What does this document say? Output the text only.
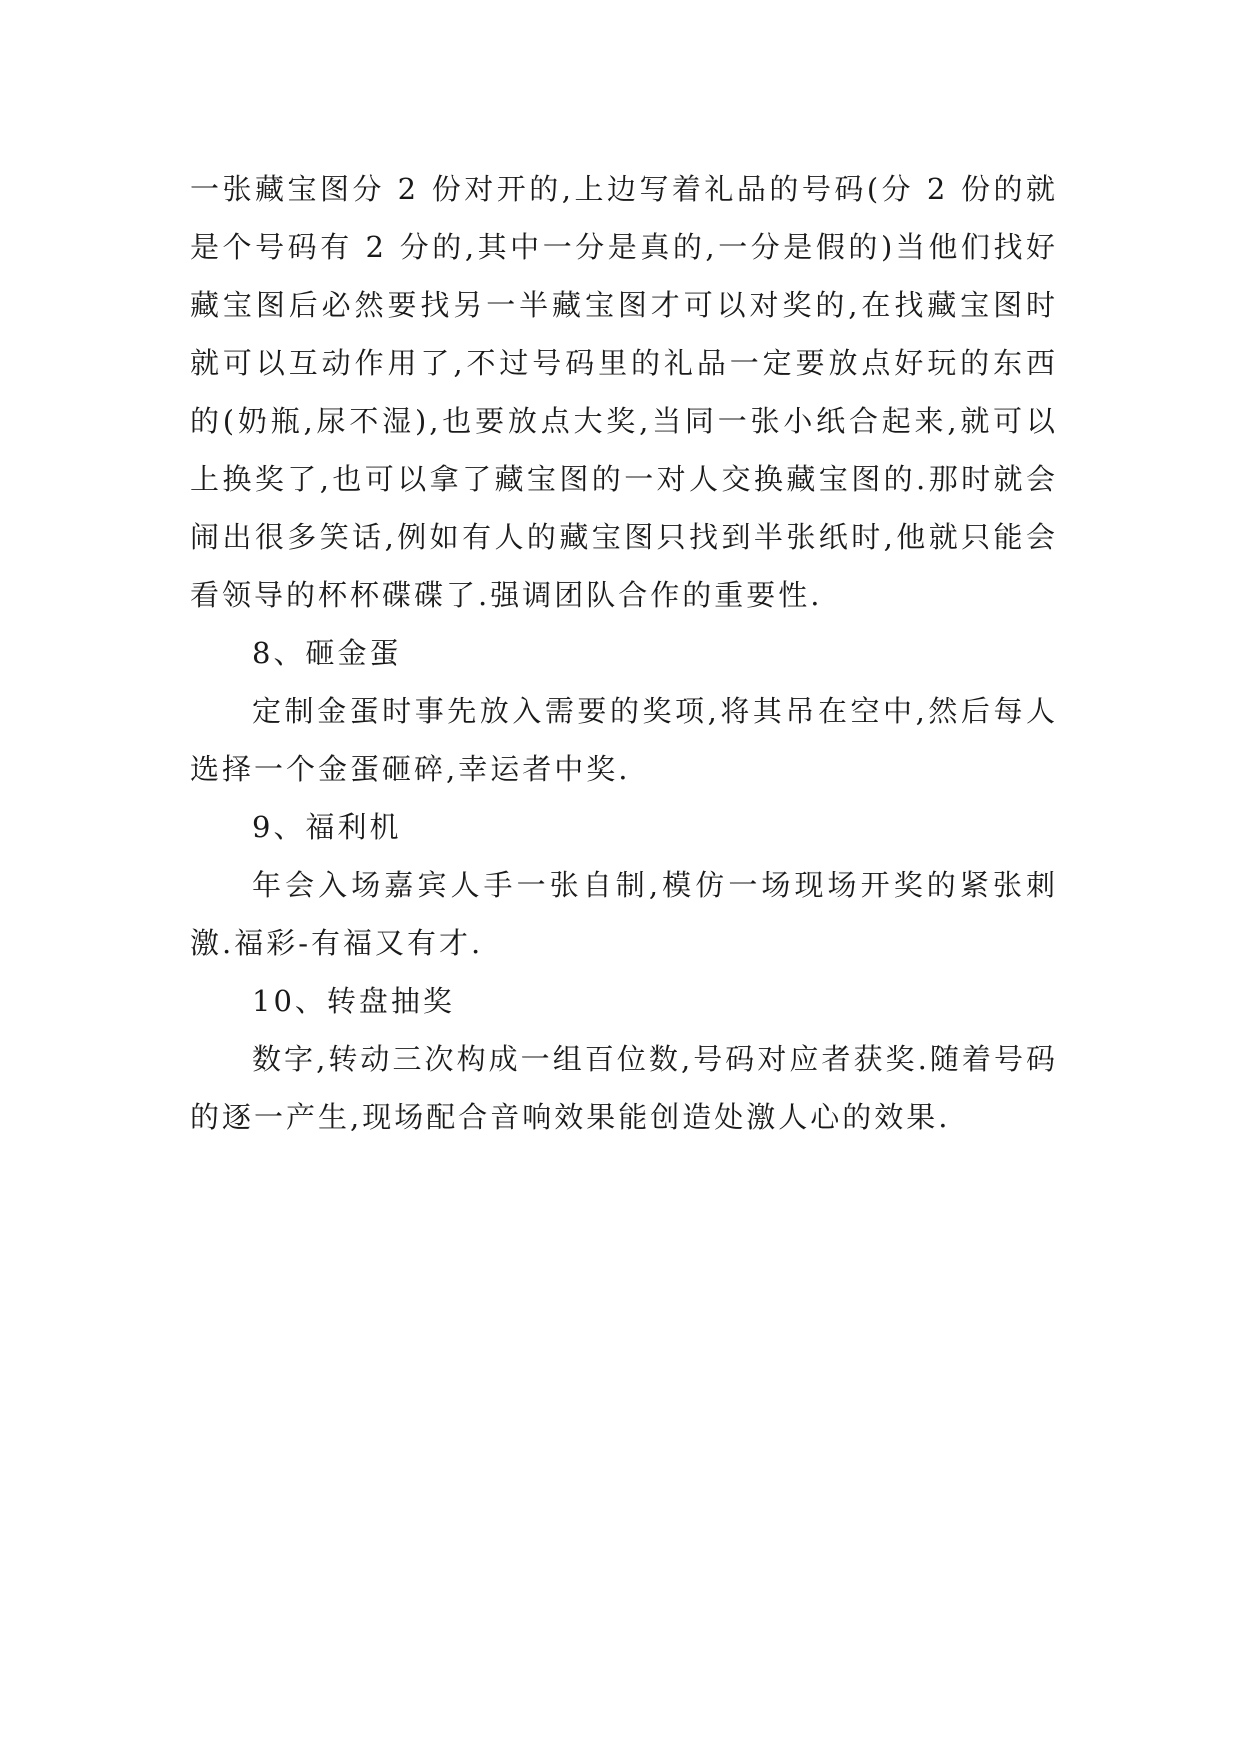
一张藏宝图分 2 份对开的,上边写着礼品的号码(分 2 份的就是个号码有 2 分的,其中一分是真的,一分是假的)当他们找好藏宝图后必然要找另一半藏宝图才可以对奖的,在找藏宝图时就可以互动作用了,不过号码里的礼品一定要放点好玩的东西的(奶瓶,尿不湿),也要放点大奖,当同一张小纸合起来,就可以上换奖了,也可以拿了藏宝图的一对人交换藏宝图的.那时就会闹出很多笑话,例如有人的藏宝图只找到半张纸时,他就只能会看领导的杯杯碟碟了.强调团队合作的重要性.

8、砸金蛋

定制金蛋时事先放入需要的奖项,将其吊在空中,然后每人选择一个金蛋砸碎,幸运者中奖.

9、福利机

年会入场嘉宾人手一张自制,模仿一场现场开奖的紧张刺激.福彩-有福又有才.

10、转盘抽奖

数字,转动三次构成一组百位数,号码对应者获奖.随着号码的逐一产生,现场配合音响效果能创造处激人心的效果.
